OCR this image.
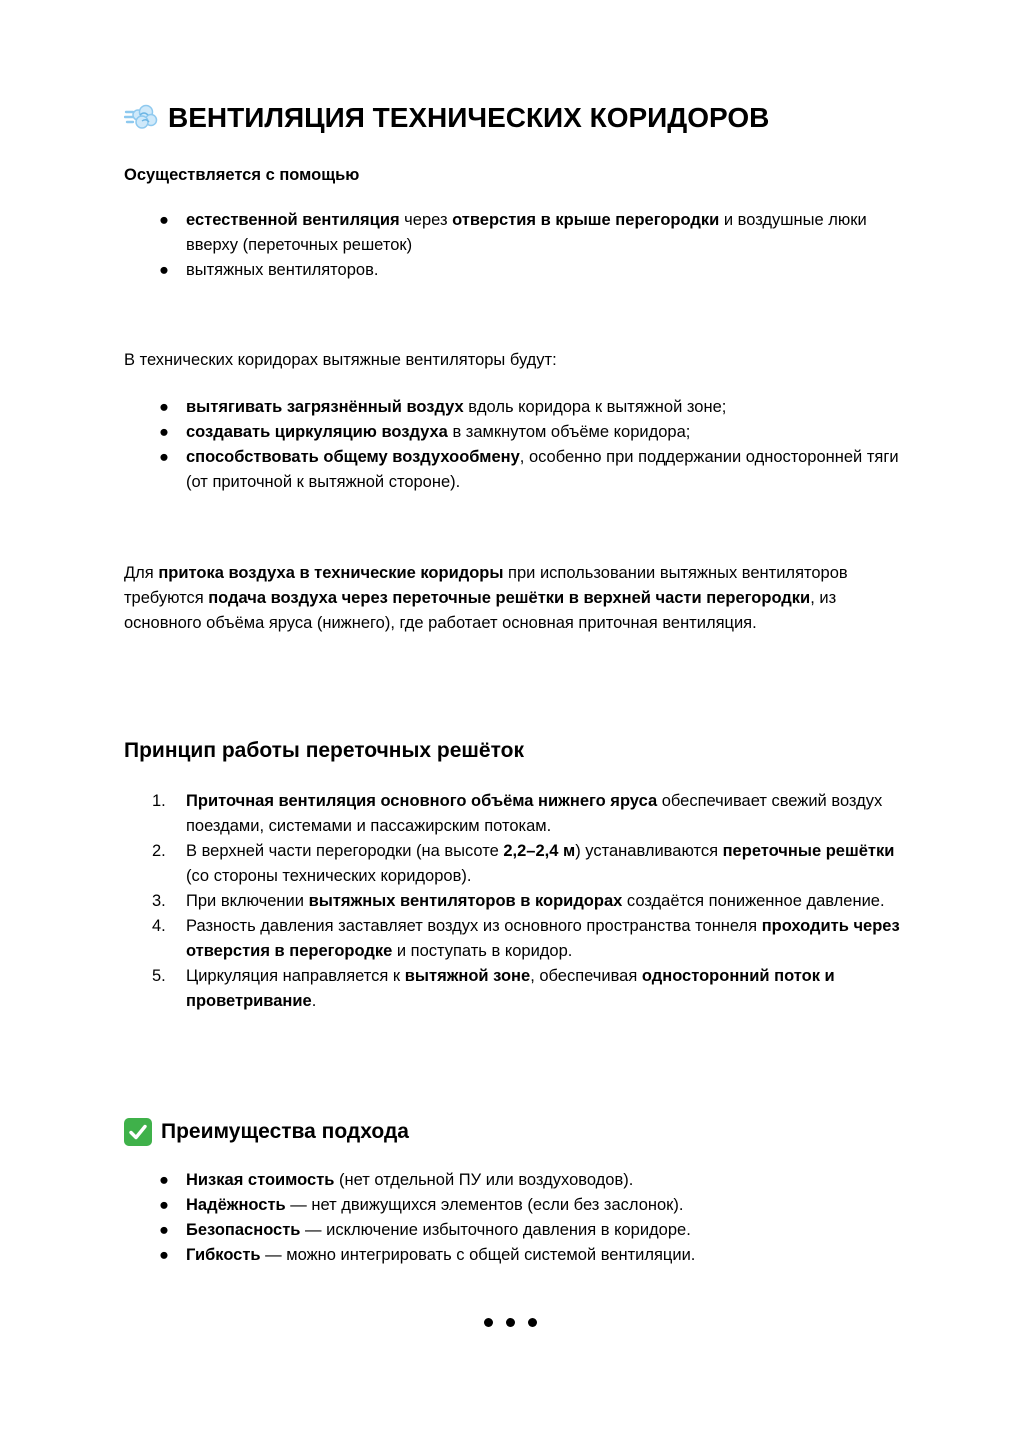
ВЕНТИЛЯЦИЯ ТЕХНИЧЕСКИХ КОРИДОРОВ
Осуществляется с помощью
●	естественной вентиляция через отверстия в крыше перегородки и воздушные люки вверху (переточных решеток)
●	вытяжных вентиляторов.
В технических коридорах вытяжные вентиляторы будут:
●	вытягивать загрязнённый воздух вдоль коридора к вытяжной зоне;
●	создавать циркуляцию воздуха в замкнутом объёме коридора;
●	способствовать общему воздухообмену, особенно при поддержании односторонней тяги (от приточной к вытяжной стороне).
Для притока воздуха в технические коридоры при использовании вытяжных вентиляторов требуются подача воздуха через переточные решётки в верхней части перегородки, из основного объёма яруса (нижнего), где работает основная приточная вентиляция.
Принцип работы переточных решёток
1.	Приточная вентиляция основного объёма нижнего яруса обеспечивает свежий воздух поездами, системами и пассажирским потокам.
2.	В верхней части перегородки (на высоте 2,2–2,4 м) устанавливаются переточные решётки (со стороны технических коридоров).
3.	При включении вытяжных вентиляторов в коридорах создаётся пониженное давление.
4.	Разность давления заставляет воздух из основного пространства тоннеля проходить через отверстия в перегородке и поступать в коридор.
5.	Циркуляция направляется к вытяжной зоне, обеспечивая односторонний поток и проветривание.
Преимущества подхода
●	Низкая стоимость (нет отдельной ПУ или воздуховодов).
●	Надёжность — нет движущихся элементов (если без заслонок).
●	Безопасность — исключение избыточного давления в коридоре.
●	Гибкость — можно интегрировать с общей системой вентиляции.
